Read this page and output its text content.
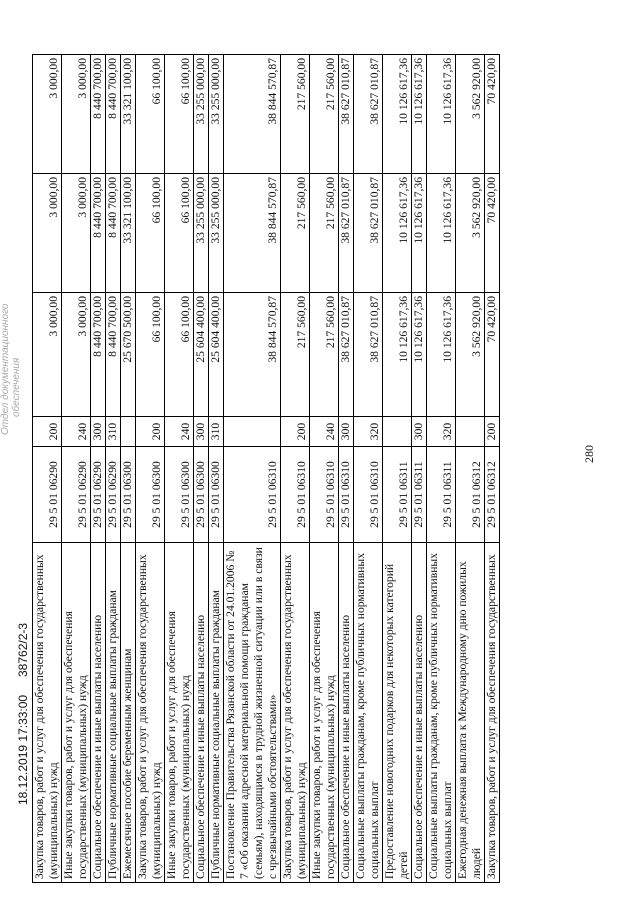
280
Закупка товаров, работ и услуг для обеспечения государственных (муниципальных) нужд	29 5 01 06290	200	3 000,00	3 000,00	3 000,00
Иные закупки товаров, работ и услуг для обеспечения государственных (муниципальных) нужд	29 5 01 06290	240	3 000,00	3 000,00	3 000,00
Социальное обеспечение и иные выплаты населению	29 5 01 06290	300	8 440 700,00	8 440 700,00	8 440 700,00
Публичные нормативные социальные выплаты гражданам	29 5 01 06290	310	8 440 700,00	8 440 700,00	8 440 700,00
Ежемесячное пособие беременным женщинам	29 5 01 06300		25 670 500,00	33 321 100,00	33 321 100,00
Закупка товаров, работ и услуг для обеспечения государственных (муниципальных) нужд	29 5 01 06300	200	66 100,00	66 100,00	66 100,00
Иные закупки товаров, работ и услуг для обеспечения государственных (муниципальных) нужд	29 5 01 06300	240	66 100,00	66 100,00	66 100,00
Социальное обеспечение и иные выплаты населению	29 5 01 06300	300	25 604 400,00	33 255 000,00	33 255 000,00
Публичные нормативные социальные выплаты гражданам	29 5 01 06300	310	25 604 400,00	33 255 000,00	33 255 000,00
Постановление Правительства Рязанской области от 24.01.2006 № 7 «Об оказании адресной материальной помощи гражданам (семьям), находящимся в трудной жизненной ситуации или в связи с чрезвычайными обстоятельствами»	29 5 01 06310		38 844 570,87	38 844 570,87	38 844 570,87
Закупка товаров, работ и услуг для обеспечения государственных (муниципальных) нужд	29 5 01 06310	200	217 560,00	217 560,00	217 560,00
Иные закупки товаров, работ и услуг для обеспечения государственных (муниципальных) нужд	29 5 01 06310	240	217 560,00	217 560,00	217 560,00
Социальное обеспечение и иные выплаты населению	29 5 01 06310	300	38 627 010,87	38 627 010,87	38 627 010,87
Социальные выплаты гражданам, кроме публичных нормативных социальных выплат	29 5 01 06310	320	38 627 010,87	38 627 010,87	38 627 010,87
Предоставление новогодних подарков для некоторых категорий детей	29 5 01 06311		10 126 617,36	10 126 617,36	10 126 617,36
Социальное обеспечение и иные выплаты населению	29 5 01 06311	300	10 126 617,36	10 126 617,36	10 126 617,36
Социальные выплаты гражданам, кроме публичных нормативных социальных выплат	29 5 01 06311	320	10 126 617,36	10 126 617,36	10 126 617,36
Ежегодная денежная выплата к Международному дню пожилых людей	29 5 01 06312		3 562 920,00	3 562 920,00	3 562 920,00
Закупка товаров, работ и услуг для обеспечения государственных	29 5 01 06312	200	70 420,00	70 420,00	70 420,00
18.12.2019 17:33:00
38762/2-3
Отдел документационного обеспечения
